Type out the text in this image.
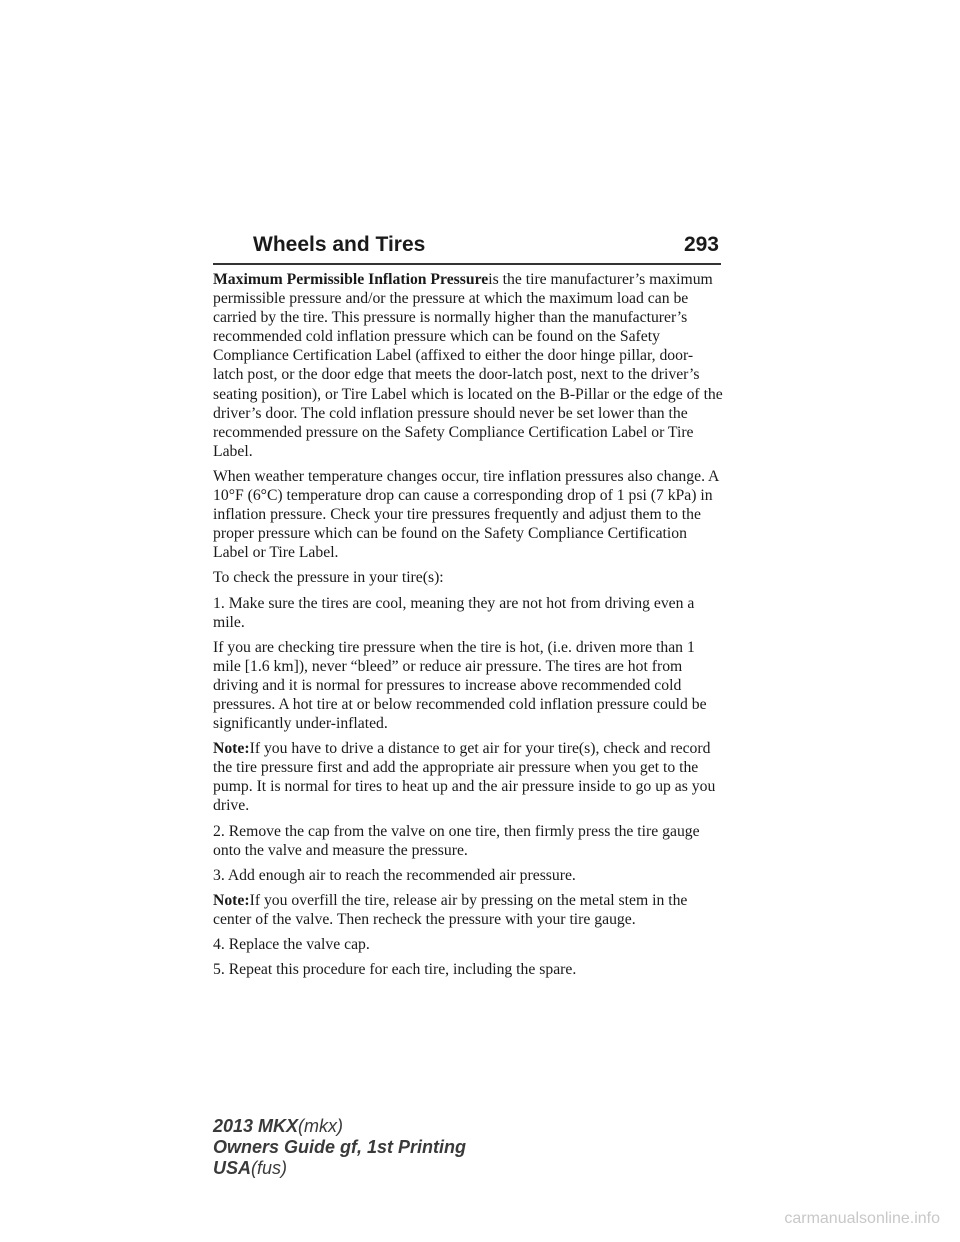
Wheels and Tires	293

Maximum Permissible Inflation Pressureis the tire manufacturer’s maximum permissible pressure and/or the pressure at which the maximum load can be carried by the tire. This pressure is normally higher than the manufacturer’s recommended cold inflation pressure which can be found on the Safety Compliance Certification Label (affixed to either the door hinge pillar, door-latch post, or the door edge that meets the door-latch post, next to the driver’s seating position), or Tire Label which is located on the B-Pillar or the edge of the driver’s door. The cold inflation pressure should never be set lower than the recommended pressure on the Safety Compliance Certification Label or Tire Label.

When weather temperature changes occur, tire inflation pressures also change. A 10°F (6°C) temperature drop can cause a corresponding drop of 1 psi (7 kPa) in inflation pressure. Check your tire pressures frequently and adjust them to the proper pressure which can be found on the Safety Compliance Certification Label or Tire Label.

To check the pressure in your tire(s):

1. Make sure the tires are cool, meaning they are not hot from driving even a mile.

If you are checking tire pressure when the tire is hot, (i.e. driven more than 1 mile [1.6 km]), never “bleed” or reduce air pressure. The tires are hot from driving and it is normal for pressures to increase above recommended cold pressures. A hot tire at or below recommended cold inflation pressure could be significantly under-inflated.

Note:If you have to drive a distance to get air for your tire(s), check and record the tire pressure first and add the appropriate air pressure when you get to the pump. It is normal for tires to heat up and the air pressure inside to go up as you drive.

2. Remove the cap from the valve on one tire, then firmly press the tire gauge onto the valve and measure the pressure.

3. Add enough air to reach the recommended air pressure.

Note:If you overfill the tire, release air by pressing on the metal stem in the center of the valve. Then recheck the pressure with your tire gauge.

4. Replace the valve cap.

5. Repeat this procedure for each tire, including the spare.

2013 MKX(mkx)
Owners Guide gf, 1st Printing
USA(fus)
carmanualsonline.info
